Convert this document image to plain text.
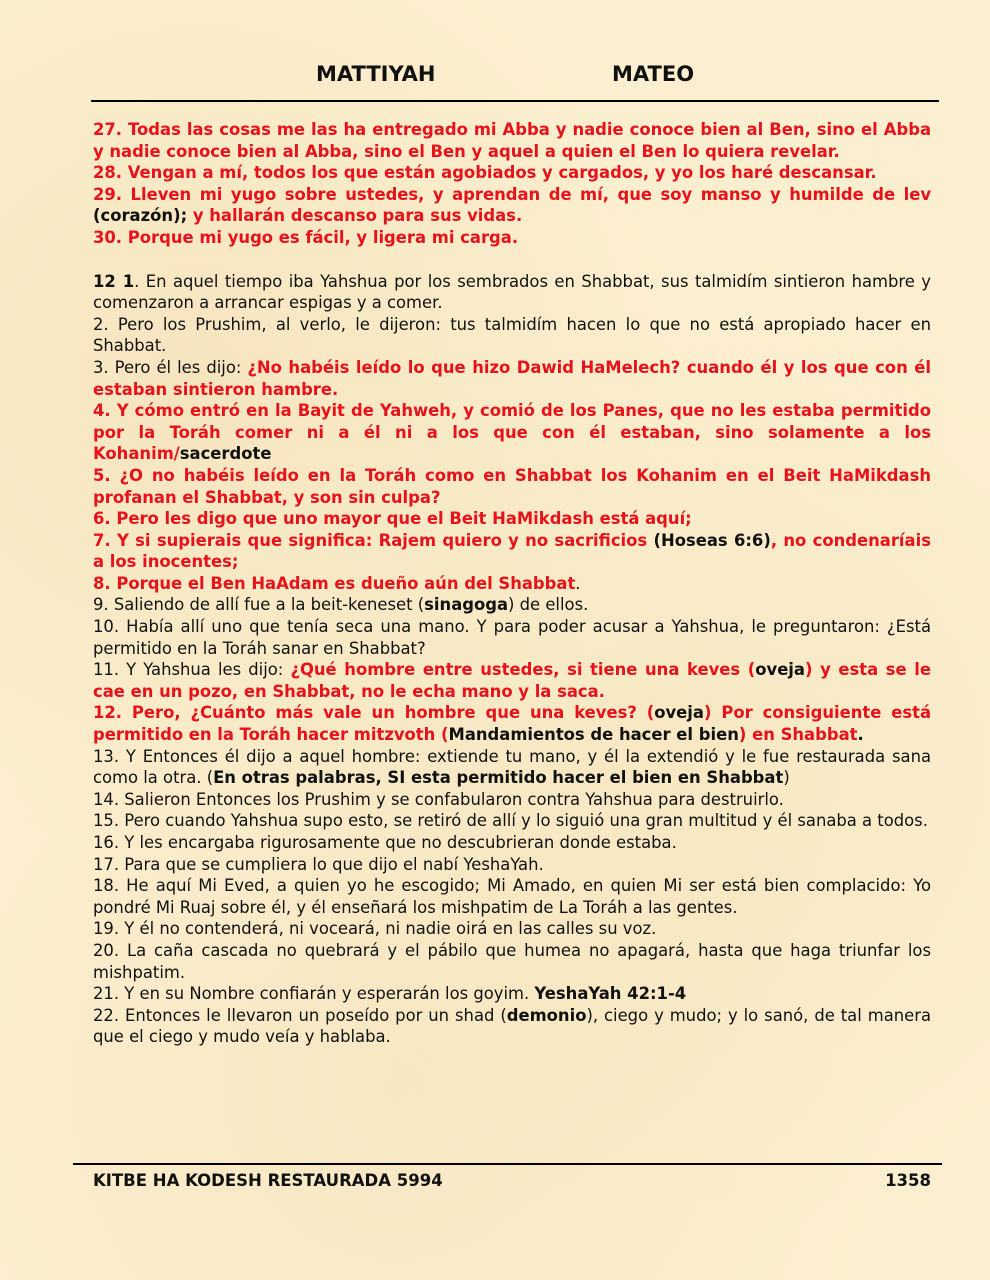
MATTIYAH	MATEO

27. Todas las cosas me las ha entregado mi Abba y nadie conoce bien al Ben, sino el Abba y nadie conoce bien al Abba, sino el Ben y aquel a quien el Ben lo quiera revelar.

28. Vengan a mí, todos los que están agobiados y cargados, y yo los haré descansar.

29. Lleven mi yugo sobre ustedes, y aprendan de mí, que soy manso y humilde de lev (corazón); y hallarán descanso para sus vidas.

30. Porque mi yugo es fácil, y ligera mi carga.

12 1. En aquel tiempo iba Yahshua por los sembrados en Shabbat, sus talmidím sintieron hambre y comenzaron a arrancar espigas y a comer.

2. Pero los Prushim, al verlo, le dijeron: tus talmidím hacen lo que no está apropiado hacer en Shabbat.

3. Pero él les dijo: ¿No habéis leído lo que hizo Dawid HaMelech? cuando él y los que con él estaban sintieron hambre.

4. Y cómo entró en la Bayit de Yahweh, y comió de los Panes, que no les estaba permitido por la Toráh comer ni a él ni a los que con él estaban, sino solamente a los Kohanim/sacerdote

5. ¿O no habéis leído en la Toráh como en Shabbat los Kohanim en el Beit HaMikdash profanan el Shabbat, y son sin culpa?

6. Pero les digo que uno mayor que el Beit HaMikdash está aquí;

7. Y si supierais que significa: Rajem quiero y no sacrificios (Hoseas 6:6), no condenaríais a los inocentes;

8. Porque el Ben HaAdam es dueño aún del Shabbat.

9. Saliendo de allí fue a la beit-keneset (sinagoga) de ellos.

10. Había allí uno que tenía seca una mano. Y para poder acusar a Yahshua, le preguntaron: ¿Está permitido en la Toráh sanar en Shabbat?

11. Y Yahshua les dijo: ¿Qué hombre entre ustedes, si tiene una keves (oveja) y esta se le cae en un pozo, en Shabbat, no le echa mano y la saca.

12. Pero, ¿Cuánto más vale un hombre que una keves? (oveja) Por consiguiente está permitido en la Toráh hacer mitzvoth (Mandamientos de hacer el bien) en Shabbat.

13. Y Entonces él dijo a aquel hombre: extiende tu mano, y él la extendió y le fue restaurada sana como la otra. (En otras palabras, SI esta permitido hacer el bien en Shabbat)

14. Salieron Entonces los Prushim y se confabularon contra Yahshua para destruirlo.

15. Pero cuando Yahshua supo esto, se retiró de allí y lo siguió una gran multitud y él sanaba a todos.

16. Y les encargaba rigurosamente que no descubrieran donde estaba.

17. Para que se cumpliera lo que dijo el nabí YeshaYah.

18. He aquí Mi Eved, a quien yo he escogido; Mi Amado, en quien Mi ser está bien complacido: Yo pondré Mi Ruaj sobre él, y él enseñará los mishpatim de La Toráh a las gentes.

19. Y él no contenderá, ni voceará, ni nadie oirá en las calles su voz.

20. La caña cascada no quebrará y el pábilo que humea no apagará, hasta que haga triunfar los mishpatim.

21. Y en su Nombre confiarán y esperarán los goyim. YeshaYah 42:1-4

22. Entonces le llevaron un poseído por un shad (demonio), ciego y mudo; y lo sanó, de tal manera que el ciego y mudo veía y hablaba.

KITBE HA KODESH RESTAURADA 5994	1358
